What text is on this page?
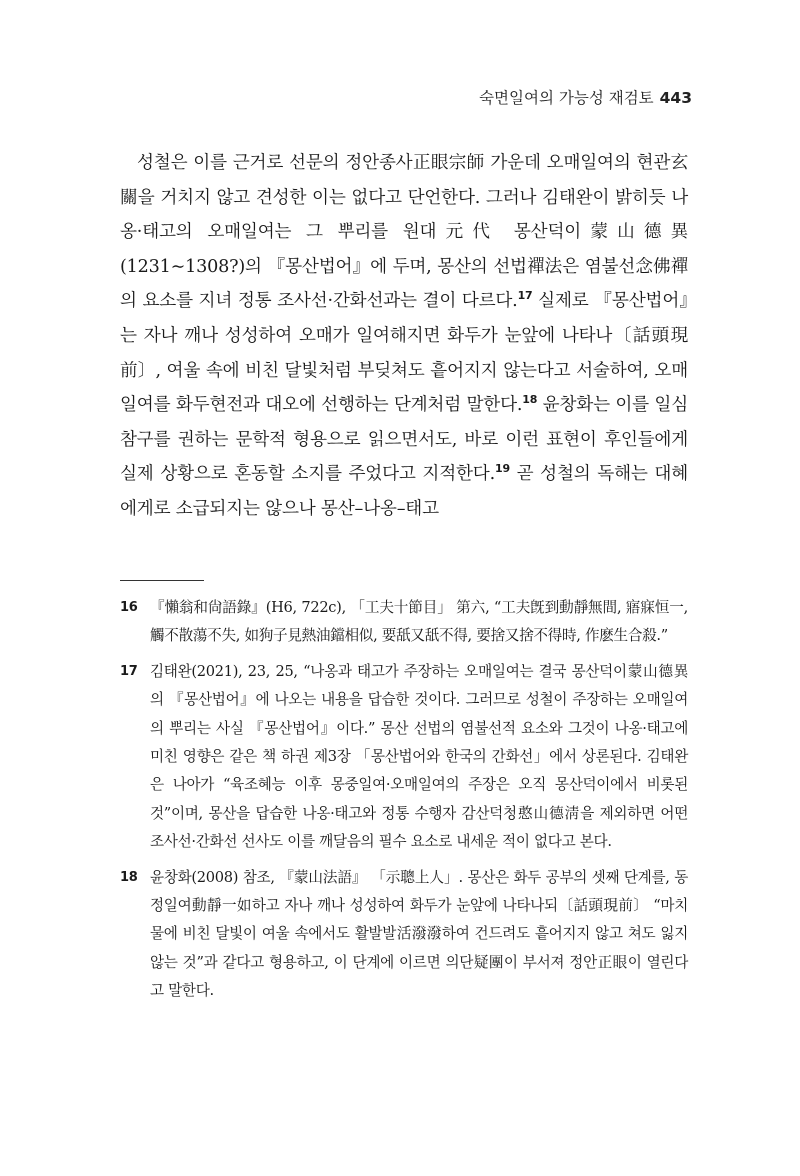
숙면일여의 가능성 재검토 443

성철은 이를 근거로 선문의 정안종사正眼宗師 가운데 오매일여의 현관玄關을 거치지 않고 견성한 이는 없다고 단언한다. 그러나 김태완이 밝히듯 나옹·태고의 오매일여는 그 뿌리를 원대元代 몽산덕이蒙山德異(1231∼1308?)의 『몽산법어』에 두며, 몽산의 선법禪法은 염불선念佛禪의 요소를 지녀 정통 조사선·간화선과는 결이 다르다.$^{17}$ 실제로 『몽산법어』는 자나 깨나 성성하여 오매가 일여해지면 화두가 눈앞에 나타나〔話頭現前〕, 여울 속에 비친 달빛처럼 부딪쳐도 흩어지지 않는다고 서술하여, 오매일여를 화두현전과 대오에 선행하는 단계처럼 말한다.$^{18}$ 윤창화는 이를 일심 참구를 권하는 문학적 형용으로 읽으면서도, 바로 이런 표현이 후인들에게 실제 상황으로 혼동할 소지를 주었다고 지적한다.$^{19}$ 곧 성철의 독해는 대혜에게로 소급되지는 않으나 몽산–나옹–태고

16 『懶翁和尙語錄』(H6, 722c), 「工夫十節目」 第六, “工夫旣到動靜無間, 寤寐恒一, 觸不散蕩不失, 如狗子見熱油鐺相似, 要舐又舐不得, 要捨又捨不得時, 作麽生合殺.”

17 김태완(2021), 23, 25, “나옹과 태고가 주장하는 오매일여는 결국 몽산덕이蒙山德異의 『몽산법어』에 나오는 내용을 답습한 것이다. 그러므로 성철이 주장하는 오매일여의 뿌리는 사실 『몽산법어』이다.” 몽산 선법의 염불선적 요소와 그것이 나옹·태고에 미친 영향은 같은 책 하권 제3장 「몽산법어와 한국의 간화선」에서 상론된다. 김태완은 나아가 “육조혜능 이후 몽중일여·오매일여의 주장은 오직 몽산덕이에서 비롯된 것”이며, 몽산을 답습한 나옹·태고와 정통 수행자 감산덕청憨山德淸을 제외하면 어떤 조사선·간화선 선사도 이를 깨달음의 필수 요소로 내세운 적이 없다고 본다.

18 윤창화(2008) 참조, 『蒙山法語』 「示聰上人」. 몽산은 화두 공부의 셋째 단계를, 동정일여動靜一如하고 자나 깨나 성성하여 화두가 눈앞에 나타나되〔話頭現前〕 “마치 물에 비친 달빛이 여울 속에서도 활발발活潑潑하여 건드려도 흩어지지 않고 쳐도 잃지 않는 것”과 같다고 형용하고, 이 단계에 이르면 의단疑團이 부서져 정안正眼이 열린다고 말한다.
